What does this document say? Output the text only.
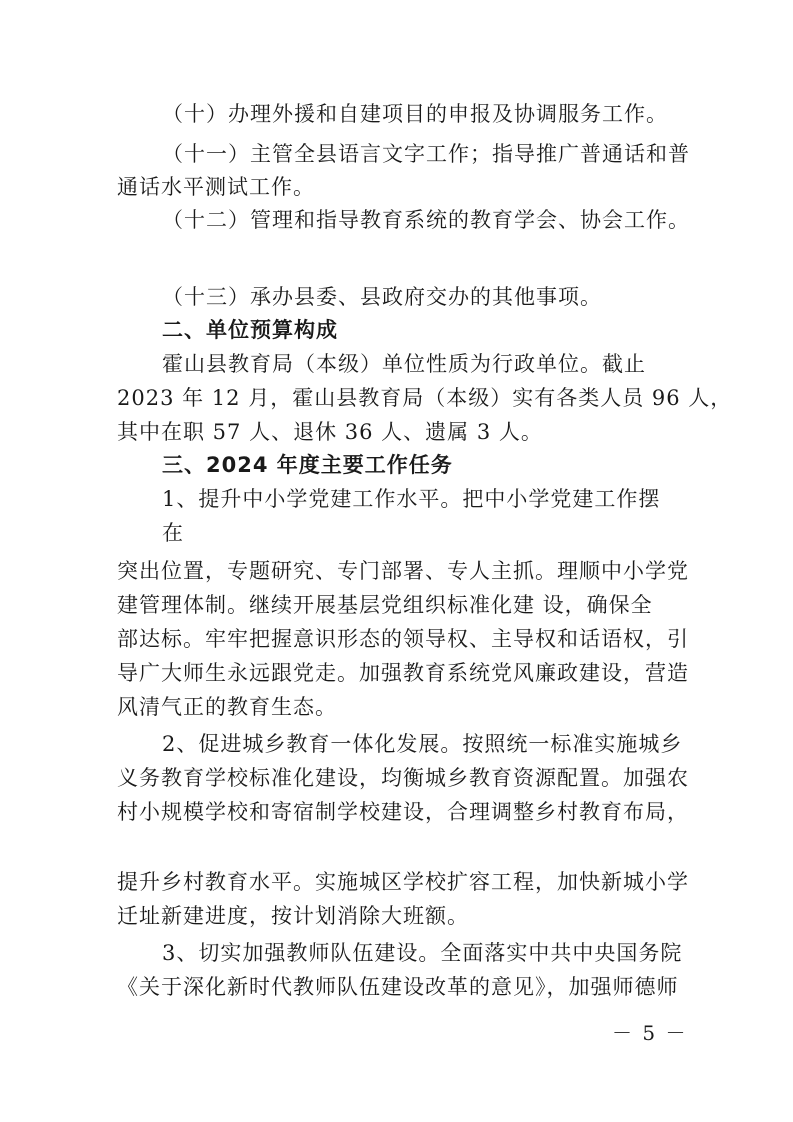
（十）办理外援和自建项目的申报及协调服务工作。
（十一）主管全县语言文字工作；指导推广普通话和普
通话水平测试工作。
（十二）管理和指导教育系统的教育学会、协会工作。
（十三）承办县委、县政府交办的其他事项。
二、单位预算构成
霍山县教育局（本级）单位性质为行政单位。截止
2023 年 12 月，霍山县教育局（本级）实有各类人员 96 人，
其中在职 57 人、退休 36 人、遗属 3 人。
三、2024 年度主要工作任务
1、提升中小学党建工作水平。把中小学党建工作摆
在
突出位置，专题研究、专门部署、专人主抓。理顺中小学党
建管理体制。继续开展基层党组织标准化建 设，确保全
部达标。牢牢把握意识形态的领导权、主导权和话语权，引
导广大师生永远跟党走。加强教育系统党风廉政建设，营造
风清气正的教育生态。
2、促进城乡教育一体化发展。按照统一标准实施城乡
义务教育学校标准化建设，均衡城乡教育资源配置。加强农
村小规模学校和寄宿制学校建设，合理调整乡村教育布局，
提升乡村教育水平。实施城区学校扩容工程，加快新城小学
迁址新建进度，按计划消除大班额。
3、切实加强教师队伍建设。全面落实中共中央国务院
《关于深化新时代教师队伍建设改革的意见》，加强师德师
－ 5 －
